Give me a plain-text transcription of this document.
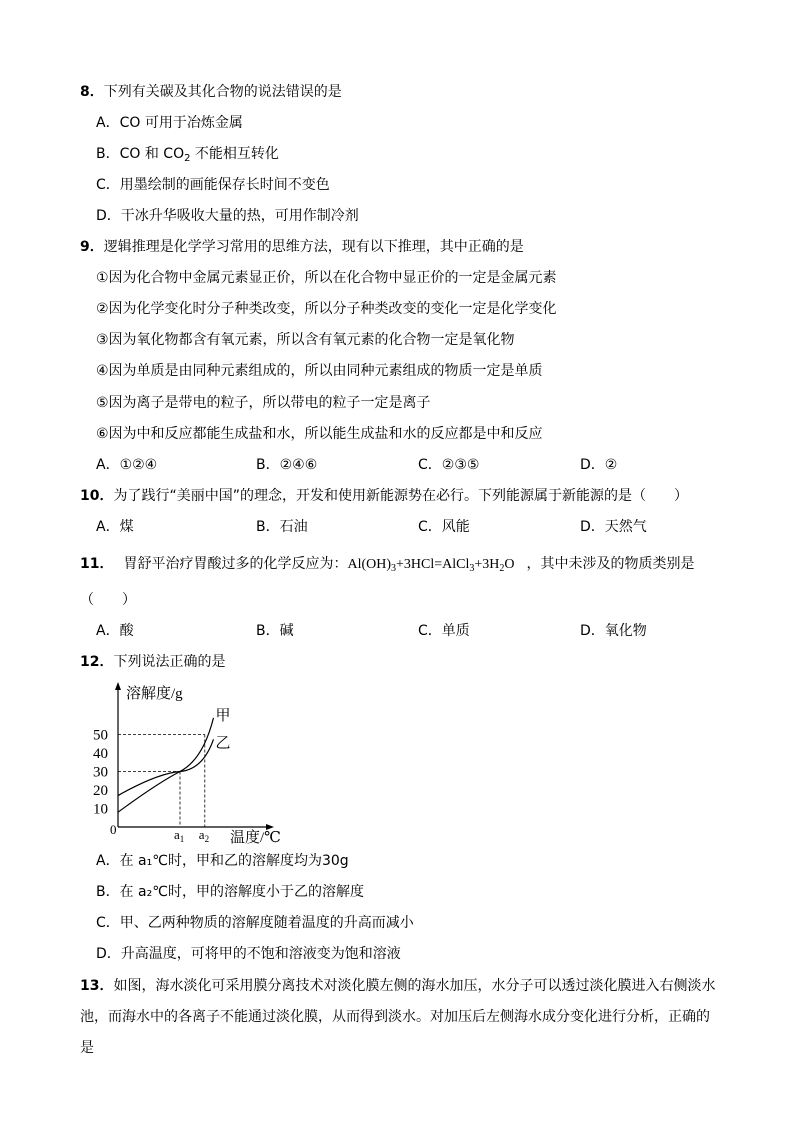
8．下列有关碳及其化合物的说法错误的是
A．CO 可用于冶炼金属
B．CO 和 $CO_2$ 不能相互转化
C．用墨绘制的画能保存长时间不变色
D．干冰升华吸收大量的热，可用作制冷剂
9．逻辑推理是化学学习常用的思维方法，现有以下推理，其中正确的是
①因为化合物中金属元素显正价，所以在化合物中显正价的一定是金属元素
②因为化学变化时分子种类改变，所以分子种类改变的变化一定是化学变化
③因为氧化物都含有氧元素，所以含有氧元素的化合物一定是氧化物
④因为单质是由同种元素组成的，所以由同种元素组成的物质一定是单质
⑤因为离子是带电的粒子，所以带电的粒子一定是离子
⑥因为中和反应都能生成盐和水，所以能生成盐和水的反应都是中和反应
A．①②④	B．②④⑥	C．②③⑤	D．②
10．为了践行“美丽中国”的理念，开发和使用新能源势在必行。下列能源属于新能源的是（　　）
A．煤	B．石油	C．风能	D．天然气
11． 胃舒平治疗胃酸过多的化学反应为：$Al(OH)_3+3HCl=AlCl_3+3H_2O$ ，其中未涉及的物质类别是
（　　）
A．酸	B．碱	C．单质	D．氧化物
12．下列说法正确的是
溶解度/g
温度/℃
0
10
20
30
40
50
甲
乙
$a_1$ $a_2$
A．在 a₁℃时，甲和乙的溶解度均为30g
B．在 a₂℃时，甲的溶解度小于乙的溶解度
C．甲、乙两种物质的溶解度随着温度的升高而减小
D．升高温度，可将甲的不饱和溶液变为饱和溶液
13．如图，海水淡化可采用膜分离技术对淡化膜左侧的海水加压，水分子可以透过淡化膜进入右侧淡水
池，而海水中的各离子不能通过淡化膜，从而得到淡水。对加压后左侧海水成分变化进行分析，正确的
是
